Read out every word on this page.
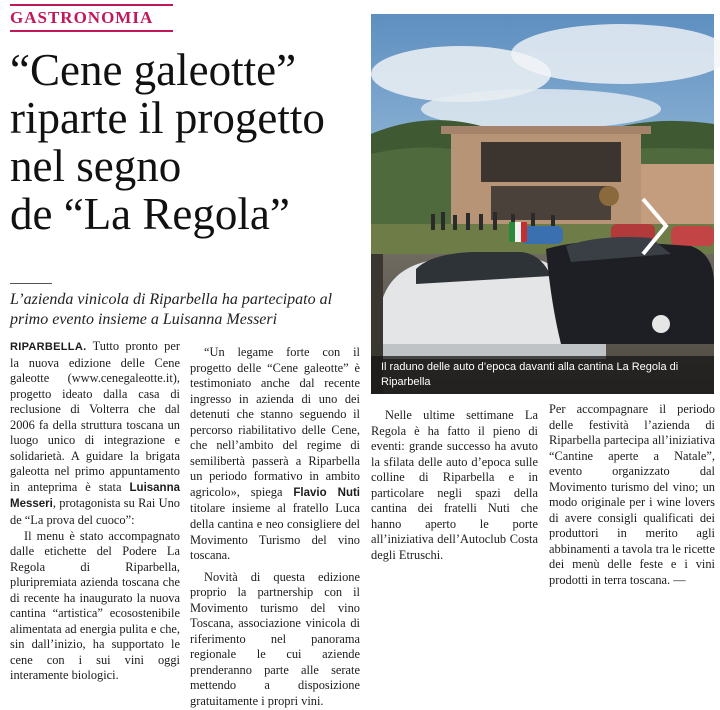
GASTRONOMIA
“Cene galeotte”
riparte il progetto
nel segno
de “La Regola”
L’azienda vinicola di Riparbella ha partecipato al primo evento insieme a Luisanna Messeri
Il raduno delle auto d’epoca davanti alla cantina La Regola di Riparbella

RIPARBELLA. Tutto pronto per la nuova edizione delle Cene galeotte (www.cenegaleotte.it), progetto ideato dalla casa di reclusione di Volterra che dal 2006 fa della struttura toscana un luogo unico di integrazione e solidarietà. A guidare la brigata galeotta nel primo appuntamento in anteprima è stata Luisanna Messeri, protagonista su Rai Uno de “La prova del cuoco”:

Il menu è stato accompagnato dalle etichette del Podere La Regola di Riparbella, pluripremiata azienda toscana che di recente ha inaugurato la nuova cantina “artistica” ecosostenibile alimentata ad energia pulita e che, sin dall’inizio, ha supportato le cene con i sui vini oggi interamente biologici.

“Un legame forte con il progetto delle “Cene galeotte” è testimoniato anche dal recente ingresso in azienda di uno dei detenuti che stanno seguendo il percorso riabilitativo delle Cene, che nell’ambito del regime di semilibertà passerà a Riparbella un periodo formativo in ambito agricolo», spiega Flavio Nuti titolare insieme al fratello Luca della cantina e neo consigliere del Movimento Turismo del vino toscana.

Novità di questa edizione proprio la partnership con il Movimento turismo del vino Toscana, associazione vinicola di riferimento nel panorama regionale le cui aziende prenderanno parte alle serate mettendo a disposizione gratuitamente i propri vini.

Nelle ultime settimane La Regola è ha fatto il pieno di eventi: grande successo ha avuto la sfilata delle auto d’epoca sulle colline di Riparbella e in particolare negli spazi della cantina dei fratelli Nuti che hanno aperto le porte all’iniziativa dell’Autoclub Costa degli Etruschi.

Per accompagnare il periodo delle festività l’azienda di Riparbella partecipa all’iniziativa “Cantine aperte a Natale”, evento organizzato dal Movimento turismo del vino; un modo originale per i wine lovers di avere consigli qualificati dei produttori in merito agli abbinamenti a tavola tra le ricette dei menù delle feste e i vini prodotti in terra toscana. —
